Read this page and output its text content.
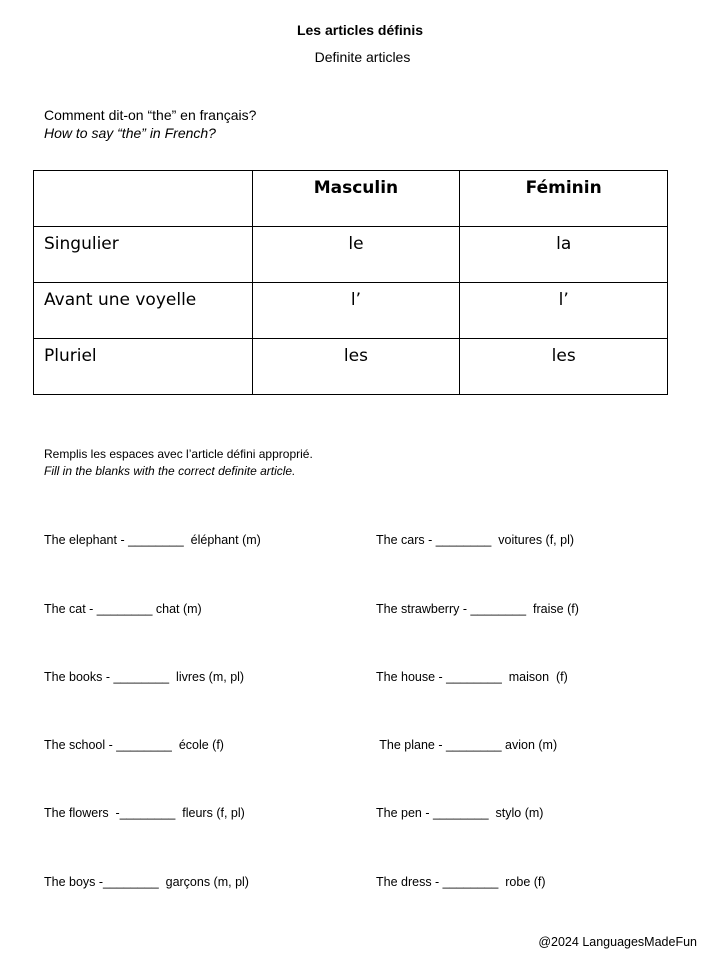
Les articles définis
Definite articles
Comment dit-on “the” en français?
How to say “the” in French?
	Masculin	Féminin
Singulier	le	la
Avant une voyelle	l’	l’
Pluriel	les	les
Remplis les espaces avec l’article défini approprié.
Fill in the blanks with the correct definite article.
The elephant - ________  éléphant (m)
The cat - ________ chat (m)
The books - ________  livres (m, pl)
The school - ________  école (f)
The flowers  -________  fleurs (f, pl)
The boys -________  garçons (m, pl)
The cars - ________  voitures (f, pl)
The strawberry - ________  fraise (f)
The house - ________  maison  (f)
The plane - ________ avion (m)
The pen - ________  stylo (m)
The dress - ________  robe (f)
@2024 LanguagesMadeFun
